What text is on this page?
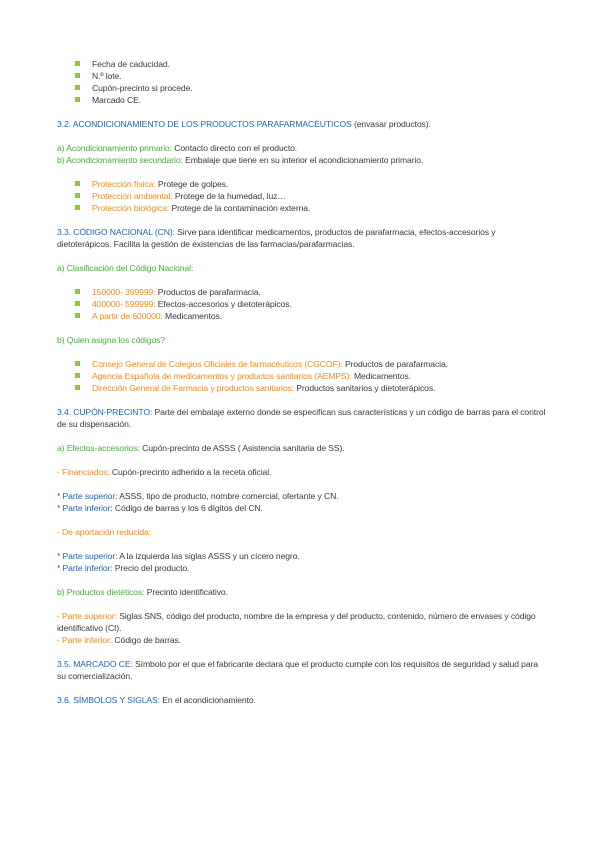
Fecha de caducidad.
N.º lote.
Cupón-precinto si procede.
Marcado CE.
3.2. ACONDICIONAMIENTO DE LOS PRODUCTOS PARAFARMACÉUTICOS (envasar productos).
a) Acondicionamiento primario: Contacto directo con el producto.
b) Acondicionamiento secundario: Embalaje que tiene en su interior el acondicionamiento primario.
Protección física: Protege de golpes.
Protección ambiental: Protege de la humedad, luz…
Protección biológica: Protege de la contaminación externa.
3.3. CÓDIGO NACIONAL (CN): Sirve para identificar medicamentos, productos de parafarmacia, efectos-accesorios y dietoterápicos. Facilita la gestión de existencias de las farmacias/parafarmacias.
a) Clasificación del Código Nacional:
150000- 399999: Productos de parafarmacia.
400000- 599999: Efectos-accesorios y dietoterápicos.
A partir de 600000: Medicamentos.
b) Quien asigna los códigos?
Consejo General de Colegios Oficiales de farmacéuticos (CGCOF): Productos de parafarmacia.
Agencia Española de medicamentos y productos sanitarios (AEMPS): Medicamentos.
Dirección General de Farmacia y productos sanitarios: Productos sanitarios y dietoterápicos.
3.4. CUPÓN-PRECINTO: Parte del embalaje externo donde se especifican sus características y un código de barras para el control de su dispensación.
a) Efectos-accesorios: Cupón-precinto de ASSS ( Asistencia sanitaria de SS).
- Financiados: Cupón-precinto adherido a la receta oficial.
* Parte superior: ASSS, tipo de producto, nombre comercial, ofertante y CN.
* Parte inferior: Código de barras y los 6 dígitos del CN.
- De aportación reducida:
* Parte superior: A la izquierda las siglas ASSS y un cícero negro.
* Parte inferior: Precio del producto.
b) Productos dietéticos: Precinto identificativo.
- Parte superior: Siglas SNS, código del producto, nombre de la empresa y del producto, contenido, número de envases y código identificativo (CI).
- Parte inferior: Código de barras.
3.5. MARCADO CE: Símbolo por el que el fabricante declara que el producto cumple con los requisitos de seguridad y salud para su comercialización.
3.6. SÍMBOLOS Y SIGLAS: En el acondicionamiento.
